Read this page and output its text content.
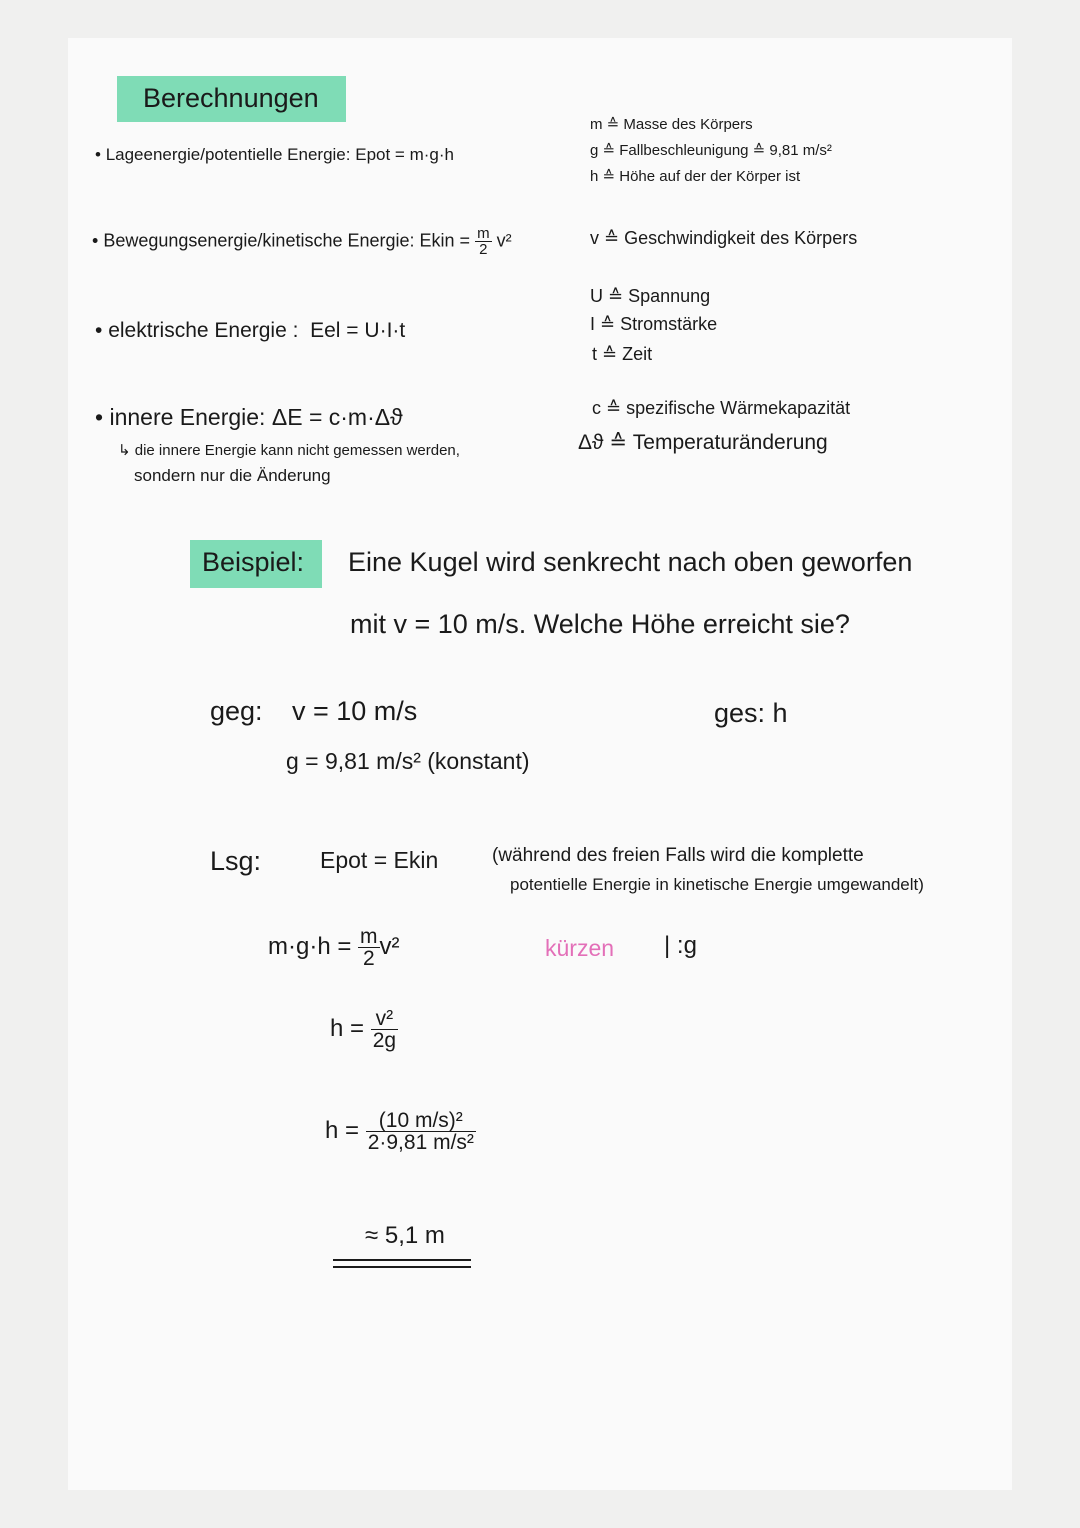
Berechnungen
• Lageenergie/potentielle Energie: Epot = m·g·h
• Bewegungsenergie/kinetische Energie: Ekin = $\frac{m}{2} v^2$
• elektrische Energie : Eel = U·I·t
• innere Energie: ΔE = c·m·Δϑ
↳ die innere Energie kann nicht gemessen werden,
sondern nur die Änderung
m ≙ Masse des Körpers
g ≙ Fallbeschleunigung ≙ 9,81 m/s²
h ≙ Höhe auf der der Körper ist
v ≙ Geschwindigkeit des Körpers
U ≙ Spannung
I ≙ Stromstärke
t ≙ Zeit
c ≙ spezifische Wärmekapazität
Δϑ ≙ Temperaturänderung
Beispiel: Eine Kugel wird senkrecht nach oben geworfen
mit v = 10 m/s. Welche Höhe erreicht sie?
geg: v = 10 m/s
g = 9,81 m/s² (konstant)
ges: h
Lsg:	Epot = Ekin	(während des freien Falls wird die komplette
potentielle Energie in kinetische Energie umgewandelt)
$m\cdot g\cdot h = \frac{m}{2} v^2$	kürzen | :g
$h = \frac{\text{v²}}{2g}$
$h = \frac{\text{(10 m/s)²}}{\text{2·9,81 m/s²}}$
≈ 5,1 m
